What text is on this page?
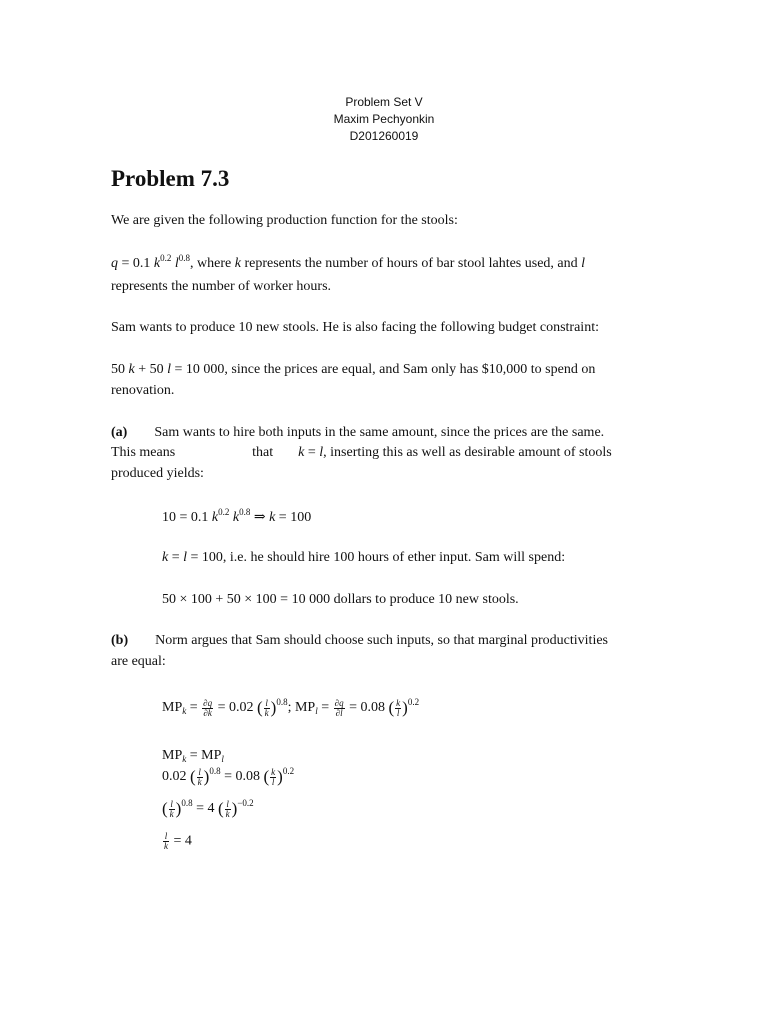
Problem Set V
Maxim Pechyonkin
D201260019
Problem 7.3
We are given the following production function for the stools:
q = 0.1 $k^{0.2}$ $l^{0.8}$, where k represents the number of hours of bar stool lahtes used, and l
represents the number of worker hours.
Sam wants to produce 10 new stools. He is also facing the following budget constraint:
50 k + 50 l = 10 000, since the prices are equal, and Sam only has $10,000 to spend on
renovation.
(a) Sam wants to hire both inputs in the same amount, since the prices are the same.
This means	that k = l, inserting this as well as desirable amount of stools
produced yields:
10 = 0.1 $k^{0.2}$ $k^{0.8}$ ⇒ k = 100
k = l = 100, i.e. he should hire 100 hours of ether input. Sam will spend:
50 × 100 + 50 × 100 = 10 000 dollars to produce 10 new stools.
(b) Norm argues that Sam should choose such inputs, so that marginal productivities
are equal:
$MP_k = \frac{\partial q}{\partial k} = 0.02$ ( $\frac{l}{k} )^{0.8}$; $MP_l = \frac{\partial q}{\partial l} = 0.08$ ( $\frac{k}{l} )^{0.2}$
$MP_k = MP_l$
0.02 ( $\frac{l}{k} )^{0.8} = 0.08$ ( $\frac{k}{l} )^{0.2}$
( $\frac{l}{k} )^{0.8} = 4$ ( $\frac{l}{k} )^{-0.2}$
$\frac{l}{k} = 4$
